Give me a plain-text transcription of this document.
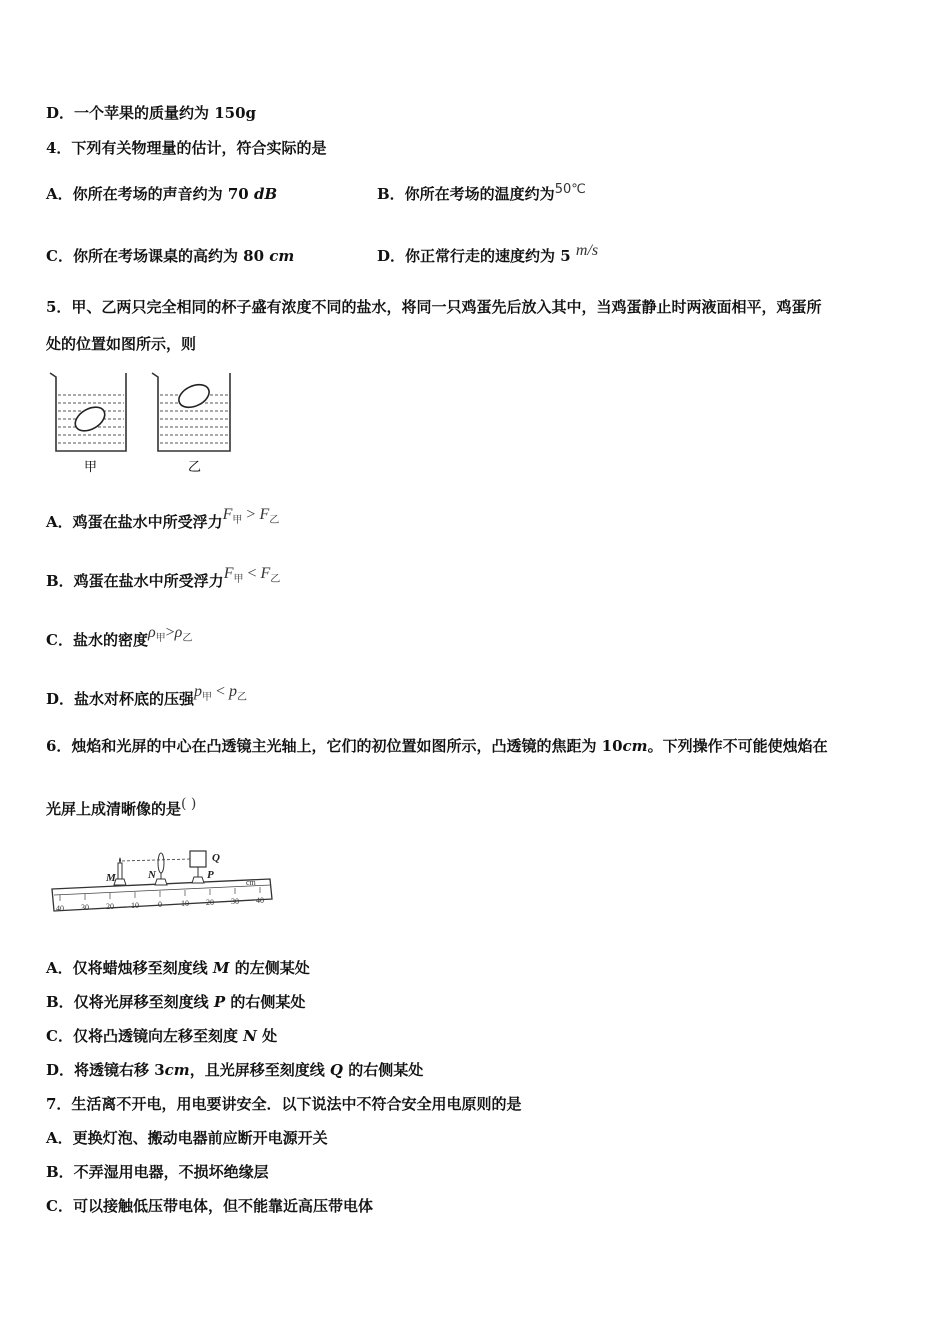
D．一个苹果的质量约为 150g
4．下列有关物理量的估计，符合实际的是
A．你所在考场的声音约为 70 dB	B．你所在考场的温度约为50℃
C．你所在考场课桌的高约为 80 cm	D．你正常行走的速度约为 5 m/s
5．甲、乙两只完全相同的杯子盛有浓度不同的盐水，将同一只鸡蛋先后放入其中，当鸡蛋静止时两液面相平，鸡蛋所
处的位置如图所示，则
甲	乙
A．鸡蛋在盐水中所受浮力$F_甲 > F_乙$
B．鸡蛋在盐水中所受浮力$F_甲 < F_乙$
C．盐水的密度$\rho_甲>\rho_乙$
D．盐水对杯底的压强$p_甲 < p_乙$
6．烛焰和光屏的中心在凸透镜主光轴上，它们的初位置如图所示，凸透镜的焦距为 10cm。下列操作不可能使烛焰在
光屏上成清晰像的是( )
40 30 20 10 0 10 20 30 40
cm
M	N	P
Q
A．仅将蜡烛移至刻度线 M 的左侧某处
B．仅将光屏移至刻度线 P 的右侧某处
C．仅将凸透镜向左移至刻度 N 处
D．将透镜右移 3cm，且光屏移至刻度线 Q 的右侧某处
7．生活离不开电，用电要讲安全．以下说法中不符合安全用电原则的是
A．更换灯泡、搬动电器前应断开电源开关
B．不弄湿用电器，不损坏绝缘层
C．可以接触低压带电体，但不能靠近高压带电体
